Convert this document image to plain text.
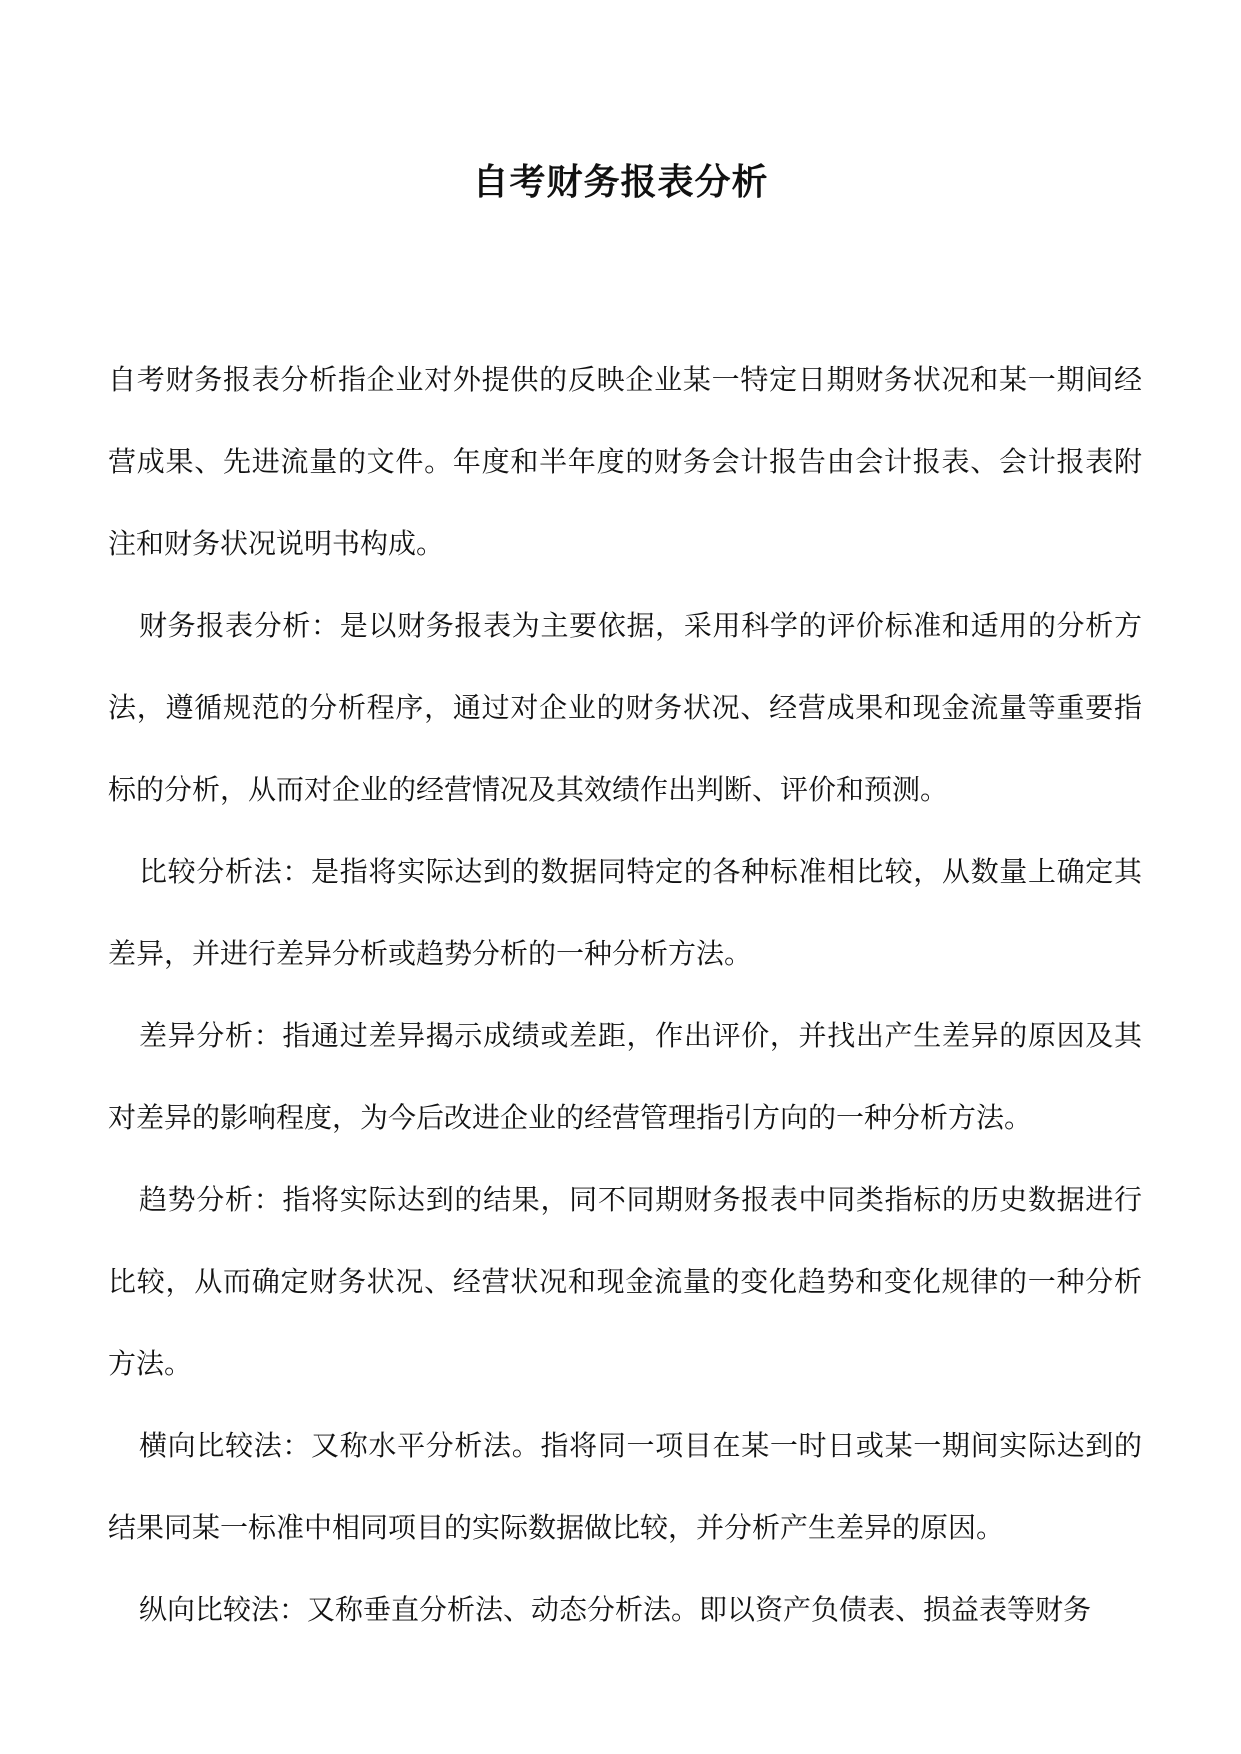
自考财务报表分析

自考财务报表分析指企业对外提供的反映企业某一特定日期财务状况和某一期间经营成果、先进流量的文件。年度和半年度的财务会计报告由会计报表、会计报表附注和财务状况说明书构成。

财务报表分析：是以财务报表为主要依据，采用科学的评价标准和适用的分析方法，遵循规范的分析程序，通过对企业的财务状况、经营成果和现金流量等重要指标的分析，从而对企业的经营情况及其效绩作出判断、评价和预测。

比较分析法：是指将实际达到的数据同特定的各种标准相比较，从数量上确定其差异，并进行差异分析或趋势分析的一种分析方法。

差异分析：指通过差异揭示成绩或差距，作出评价，并找出产生差异的原因及其对差异的影响程度，为今后改进企业的经营管理指引方向的一种分析方法。

趋势分析：指将实际达到的结果，同不同期财务报表中同类指标的历史数据进行比较，从而确定财务状况、经营状况和现金流量的变化趋势和变化规律的一种分析方法。

横向比较法：又称水平分析法。指将同一项目在某一时日或某一期间实际达到的结果同某一标准中相同项目的实际数据做比较，并分析产生差异的原因。

纵向比较法：又称垂直分析法、动态分析法。即以资产负债表、损益表等财务
